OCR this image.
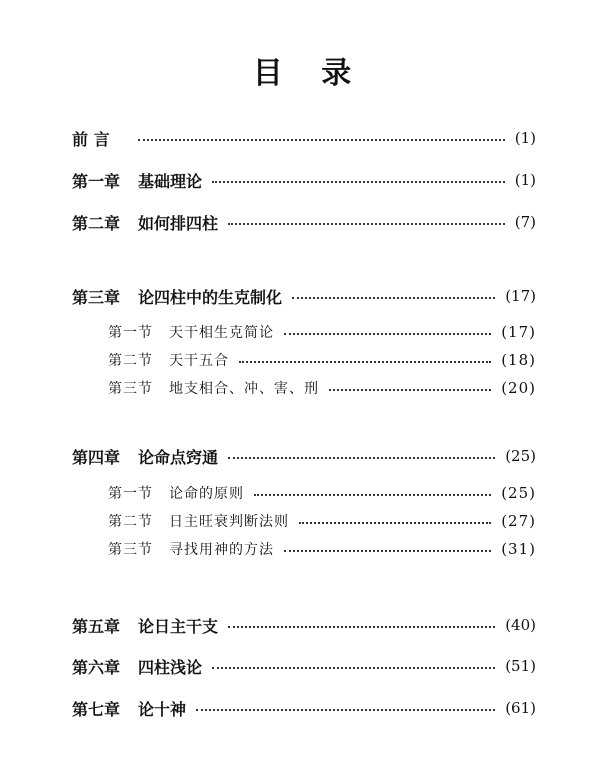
目 录
前 言	(1)
第一章 基础理论	(1)
第二章 如何排四柱	(7)
第三章 论四柱中的生克制化	(17)
第一节 天干相生克简论	(17)
第二节 天干五合	(18)
第三节 地支相合、冲、害、刑	(20)
第四章 论命点窍通	(25)
第一节 论命的原则	(25)
第二节 日主旺衰判断法则	(27)
第三节 寻找用神的方法	(31)
第五章 论日主干支	(40)
第六章 四柱浅论	(51)
第七章 论十神	(61)
